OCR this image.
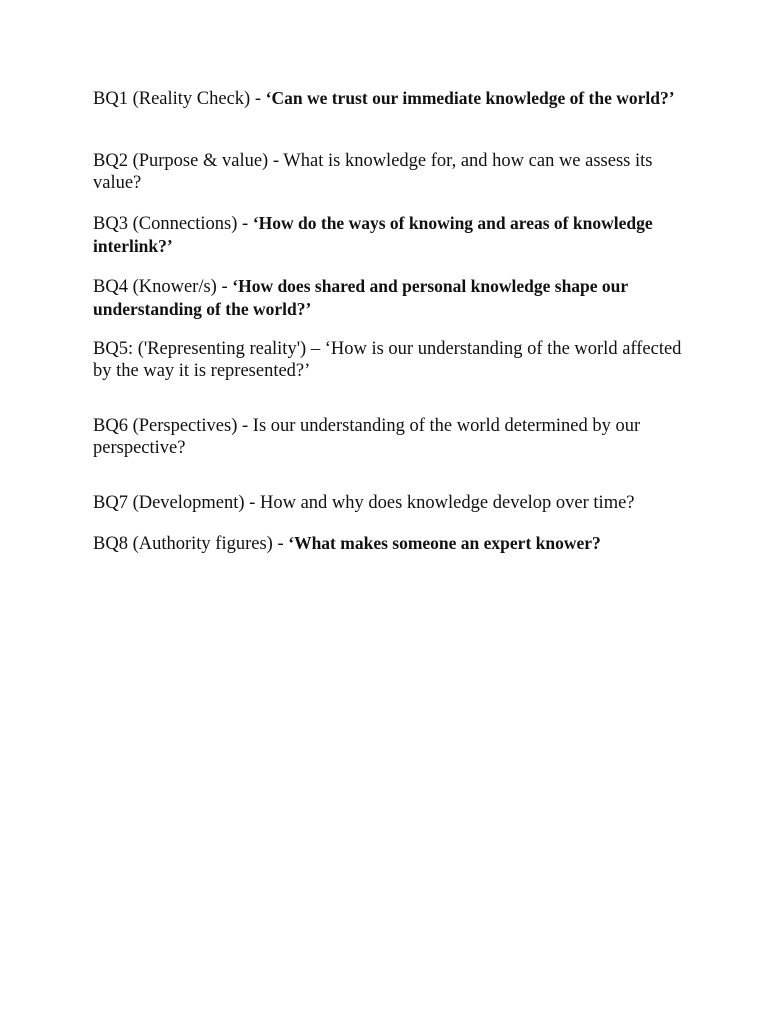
BQ1 (Reality Check) - ‘Can we trust our immediate knowledge of the world?’

BQ2 (Purpose & value) - What is knowledge for, and how can we assess its value?

BQ3 (Connections) - ‘How do the ways of knowing and areas of knowledge interlink?’

BQ4 (Knower/s) - ‘How does shared and personal knowledge shape our understanding of the world?’

BQ5: ('Representing reality') – ‘How is our understanding of the world affected by the way it is represented?’

BQ6 (Perspectives) - Is our understanding of the world determined by our perspective?

BQ7 (Development) - How and why does knowledge develop over time?

BQ8 (Authority figures) - ‘What makes someone an expert knower?
